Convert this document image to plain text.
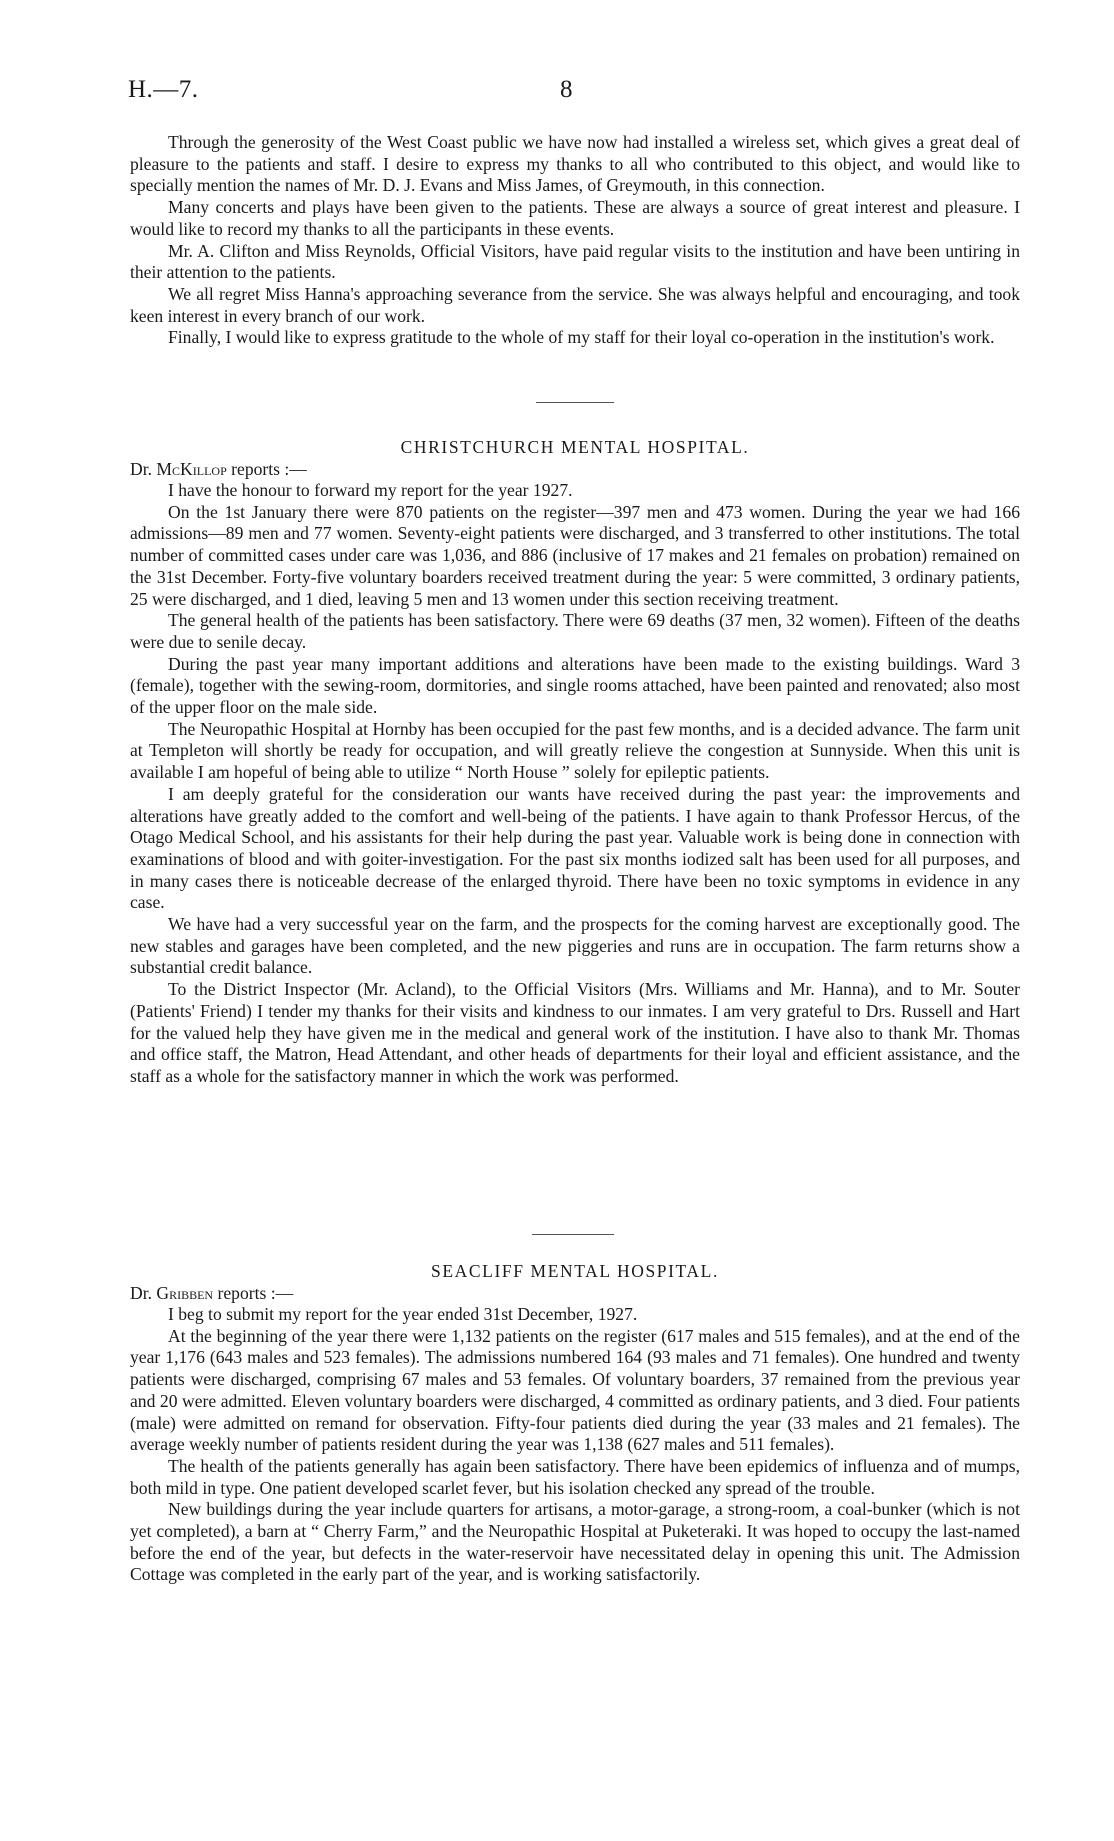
H.—7.	8

Through the generosity of the West Coast public we have now had installed a wireless set, which gives a great deal of pleasure to the patients and staff. I desire to express my thanks to all who contributed to this object, and would like to specially mention the names of Mr. D. J. Evans and Miss James, of Greymouth, in this connection.

Many concerts and plays have been given to the patients. These are always a source of great interest and pleasure. I would like to record my thanks to all the participants in these events.

Mr. A. Clifton and Miss Reynolds, Official Visitors, have paid regular visits to the institution and have been untiring in their attention to the patients.

We all regret Miss Hanna's approaching severance from the service. She was always helpful and encouraging, and took keen interest in every branch of our work.

Finally, I would like to express gratitude to the whole of my staff for their loyal co-operation in the institution's work.

CHRISTCHURCH MENTAL HOSPITAL.
Dr. McKillop reports :—

I have the honour to forward my report for the year 1927.

On the 1st January there were 870 patients on the register—397 men and 473 women. During the year we had 166 admissions—89 men and 77 women. Seventy-eight patients were discharged, and 3 transferred to other institutions. The total number of committed cases under care was 1,036, and 886 (inclusive of 17 makes and 21 females on probation) remained on the 31st December. Forty-five voluntary boarders received treatment during the year: 5 were committed, 3 ordinary patients, 25 were discharged, and 1 died, leaving 5 men and 13 women under this section receiving treatment.

The general health of the patients has been satisfactory. There were 69 deaths (37 men, 32 women). Fifteen of the deaths were due to senile decay.

During the past year many important additions and alterations have been made to the existing buildings. Ward 3 (female), together with the sewing-room, dormitories, and single rooms attached, have been painted and renovated; also most of the upper floor on the male side.

The Neuropathic Hospital at Hornby has been occupied for the past few months, and is a decided advance. The farm unit at Templeton will shortly be ready for occupation, and will greatly relieve the congestion at Sunnyside. When this unit is available I am hopeful of being able to utilize “ North House ” solely for epileptic patients.

I am deeply grateful for the consideration our wants have received during the past year: the improvements and alterations have greatly added to the comfort and well-being of the patients. I have again to thank Professor Hercus, of the Otago Medical School, and his assistants for their help during the past year. Valuable work is being done in connection with examinations of blood and with goiter-investigation. For the past six months iodized salt has been used for all purposes, and in many cases there is noticeable decrease of the enlarged thyroid. There have been no toxic symptoms in evidence in any case.

We have had a very successful year on the farm, and the prospects for the coming harvest are exceptionally good. The new stables and garages have been completed, and the new piggeries and runs are in occupation. The farm returns show a substantial credit balance.

To the District Inspector (Mr. Acland), to the Official Visitors (Mrs. Williams and Mr. Hanna), and to Mr. Souter (Patients' Friend) I tender my thanks for their visits and kindness to our inmates. I am very grateful to Drs. Russell and Hart for the valued help they have given me in the medical and general work of the institution. I have also to thank Mr. Thomas and office staff, the Matron, Head Attendant, and other heads of departments for their loyal and efficient assistance, and the staff as a whole for the satisfactory manner in which the work was performed.

SEACLIFF MENTAL HOSPITAL.
Dr. Gribben reports :—

I beg to submit my report for the year ended 31st December, 1927.

At the beginning of the year there were 1,132 patients on the register (617 males and 515 females), and at the end of the year 1,176 (643 males and 523 females). The admissions numbered 164 (93 males and 71 females). One hundred and twenty patients were discharged, comprising 67 males and 53 females. Of voluntary boarders, 37 remained from the previous year and 20 were admitted. Eleven voluntary boarders were discharged, 4 committed as ordinary patients, and 3 died. Four patients (male) were admitted on remand for observation. Fifty-four patients died during the year (33 males and 21 females). The average weekly number of patients resident during the year was 1,138 (627 males and 511 females).

The health of the patients generally has again been satisfactory. There have been epidemics of influenza and of mumps, both mild in type. One patient developed scarlet fever, but his isolation checked any spread of the trouble.

New buildings during the year include quarters for artisans, a motor-garage, a strong-room, a coal-bunker (which is not yet completed), a barn at “ Cherry Farm,” and the Neuropathic Hospital at Puketeraki. It was hoped to occupy the last-named before the end of the year, but defects in the water-reservoir have necessitated delay in opening this unit. The Admission Cottage was completed in the early part of the year, and is working satisfactorily.
